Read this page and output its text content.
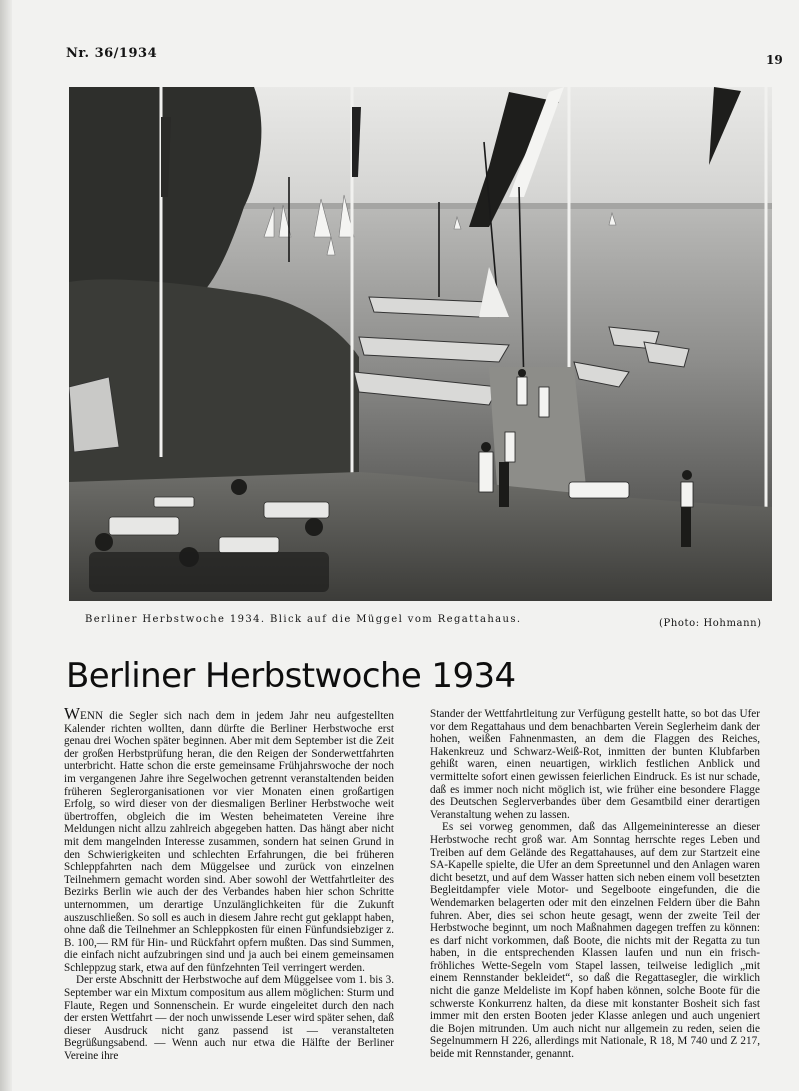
Nr. 36/1934	19
Berliner Herbstwoche 1934. Blick auf die Müggel vom Regattahaus.	(Photo: Hohmann)
Berliner Herbstwoche 1934

WENN die Segler sich nach dem in jedem Jahr neu aufgestellten Kalender richten wollten, dann dürfte die Berliner Herbstwoche erst genau drei Wochen später beginnen. Aber mit dem September ist die Zeit der großen Herbstprüfung heran, die den Reigen der Sonderwettfahrten unterbricht. Hatte schon die erste gemeinsame Frühjahrswoche der noch im vergangenen Jahre ihre Segelwochen getrennt veranstaltenden beiden früheren Seglerorganisationen vor vier Monaten einen großartigen Erfolg, so wird dieser von der diesmaligen Berliner Herbstwoche weit übertroffen, obgleich die im Westen beheimateten Vereine ihre Meldungen nicht allzu zahlreich abgegeben hatten. Das hängt aber nicht mit dem mangelnden Interesse zusammen, sondern hat seinen Grund in den Schwierigkeiten und schlechten Erfahrungen, die bei früheren Schleppfahrten nach dem Müggelsee und zurück von einzelnen Teilnehmern gemacht worden sind. Aber sowohl der Wettfahrtleiter des Bezirks Berlin wie auch der des Verbandes haben hier schon Schritte unternommen, um derartige Unzulänglichkeiten für die Zukunft auszuschließen. So soll es auch in diesem Jahre recht gut geklappt haben, ohne daß die Teilnehmer an Schleppkosten für einen Fünfundsiebziger z. B. 100,— RM für Hin- und Rückfahrt opfern mußten. Das sind Summen, die einfach nicht aufzubringen sind und ja auch bei einem gemeinsamen Schleppzug stark, etwa auf den fünfzehnten Teil verringert werden.

Der erste Abschnitt der Herbstwoche auf dem Müggelsee vom 1. bis 3. September war ein Mixtum compositum aus allem möglichen: Sturm und Flaute, Regen und Sonnenschein. Er wurde eingeleitet durch den nach der ersten Wettfahrt — der noch unwissende Leser wird später sehen, daß dieser Ausdruck nicht ganz passend ist — veranstalteten Begrüßungsabend. — Wenn auch nur etwa die Hälfte der Berliner Vereine ihre

Stander der Wettfahrtleitung zur Verfügung gestellt hatte, so bot das Ufer vor dem Regattahaus und dem benachbarten Verein Seglerheim dank der hohen, weißen Fahnenmasten, an dem die Flaggen des Reiches, Hakenkreuz und Schwarz-Weiß-Rot, inmitten der bunten Klubfarben gehißt waren, einen neuartigen, wirklich festlichen Anblick und vermittelte sofort einen gewissen feierlichen Eindruck. Es ist nur schade, daß es immer noch nicht möglich ist, wie früher eine besondere Flagge des Deutschen Seglerverbandes über dem Gesamtbild einer derartigen Veranstaltung wehen zu lassen.

Es sei vorweg genommen, daß das Allgemeininteresse an dieser Herbstwoche recht groß war. Am Sonntag herrschte reges Leben und Treiben auf dem Gelände des Regattahauses, auf dem zur Startzeit eine SA-Kapelle spielte, die Ufer an dem Spreetunnel und den Anlagen waren dicht besetzt, und auf dem Wasser hatten sich neben einem voll besetzten Begleitdampfer viele Motor- und Segelboote eingefunden, die die Wendemarken belagerten oder mit den einzelnen Feldern über die Bahn fuhren. Aber, dies sei schon heute gesagt, wenn der zweite Teil der Herbstwoche beginnt, um noch Maßnahmen dagegen treffen zu können: es darf nicht vorkommen, daß Boote, die nichts mit der Regatta zu tun haben, in die entsprechenden Klassen laufen und nun ein frisch-fröhliches Wette-Segeln vom Stapel lassen, teilweise lediglich „mit einem Rennstander bekleidet“, so daß die Regattasegler, die wirklich nicht die ganze Meldeliste im Kopf haben können, solche Boote für die schwerste Konkurrenz halten, da diese mit konstanter Bosheit sich fast immer mit den ersten Booten jeder Klasse anlegen und auch ungeniert die Bojen mitrunden. Um auch nicht nur allgemein zu reden, seien die Segelnummern H 226, allerdings mit Nationale, R 18, M 740 und Z 217, beide mit Rennstander, genannt.
